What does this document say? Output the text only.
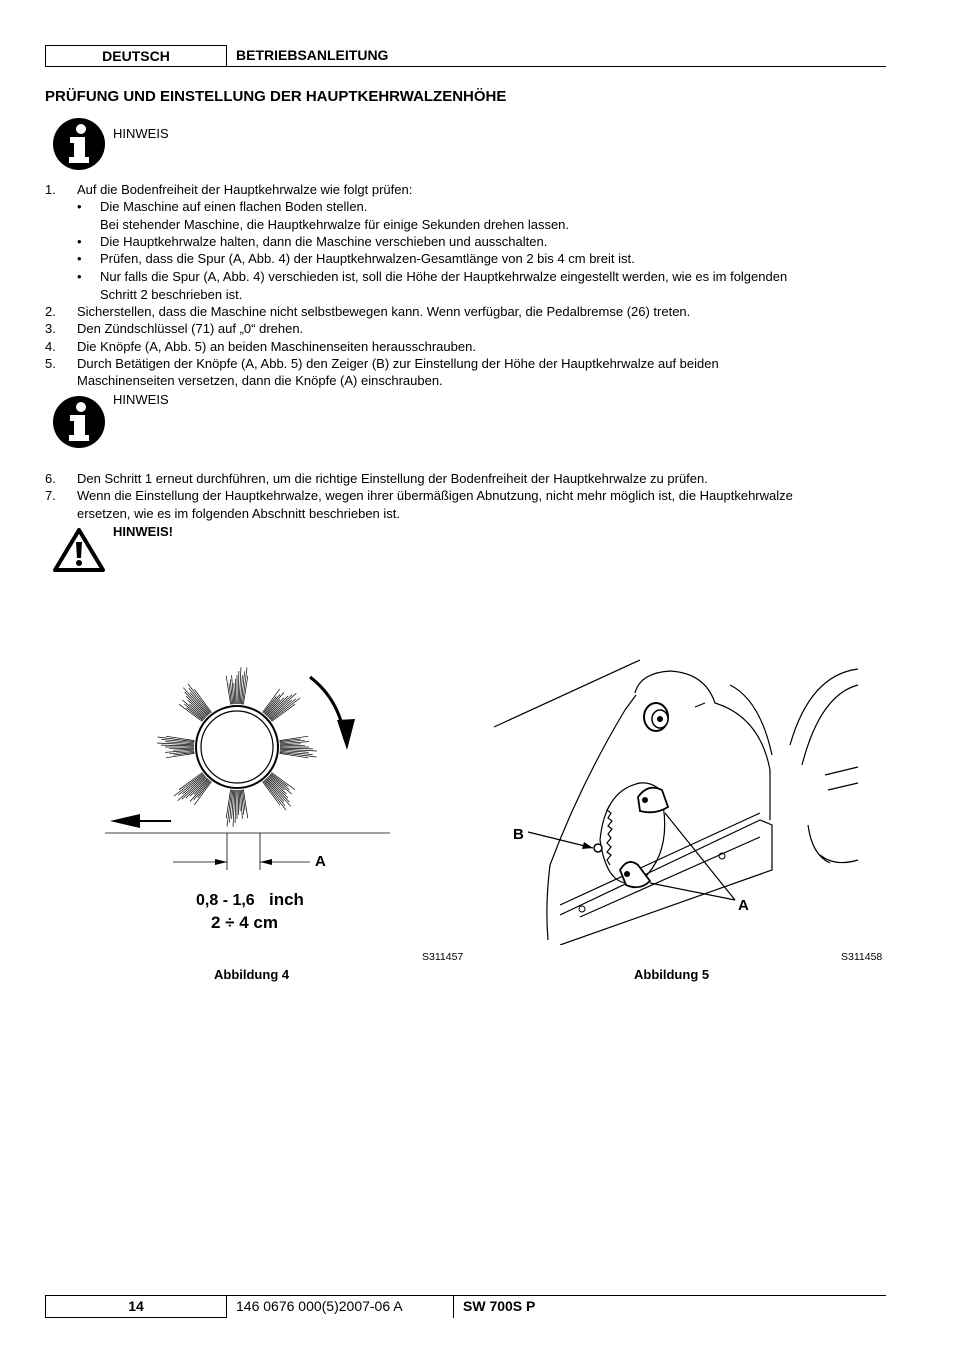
DEUTSCH	BETRIEBSANLEITUNG
PRÜFUNG UND EINSTELLUNG DER HAUPTKEHRWALZENHÖHE
HINWEIS
1. Auf die Bodenfreiheit der Hauptkehrwalze wie folgt prüfen:
• Die Maschine auf einen flachen Boden stellen.
Bei stehender Maschine, die Hauptkehrwalze für einige Sekunden drehen lassen.
• Die Hauptkehrwalze halten, dann die Maschine verschieben und ausschalten.
• Prüfen, dass die Spur (A, Abb. 4) der Hauptkehrwalzen-Gesamtlänge von 2 bis 4 cm breit ist.
• Nur falls die Spur (A, Abb. 4) verschieden ist, soll die Höhe der Hauptkehrwalze eingestellt werden, wie es im folgenden
Schritt 2 beschrieben ist.
2. Sicherstellen, dass die Maschine nicht selbstbewegen kann. Wenn verfügbar, die Pedalbremse (26) treten.
3. Den Zündschlüssel (71) auf „0“ drehen.
4. Die Knöpfe (A, Abb. 5) an beiden Maschinenseiten herausschrauben.
5. Durch Betätigen der Knöpfe (A, Abb. 5) den Zeiger (B) zur Einstellung der Höhe der Hauptkehrwalze auf beiden
Maschinenseiten versetzen, dann die Knöpfe (A) einschrauben.
HINWEIS
6. Den Schritt 1 erneut durchführen, um die richtige Einstellung der Bodenfreiheit der Hauptkehrwalze zu prüfen.
7. Wenn die Einstellung der Hauptkehrwalze, wegen ihrer übermäßigen Abnutzung, nicht mehr möglich ist, die Hauptkehrwalze
ersetzen, wie es im folgenden Abschnitt beschrieben ist.
HINWEIS!
A
0,8 - 1,6 inch
2 ÷ 4 cm
S311457
Abbildung 4
B
A
S311458
Abbildung 5
14	146 0676 000(5)2007-06 A	SW 700S P
